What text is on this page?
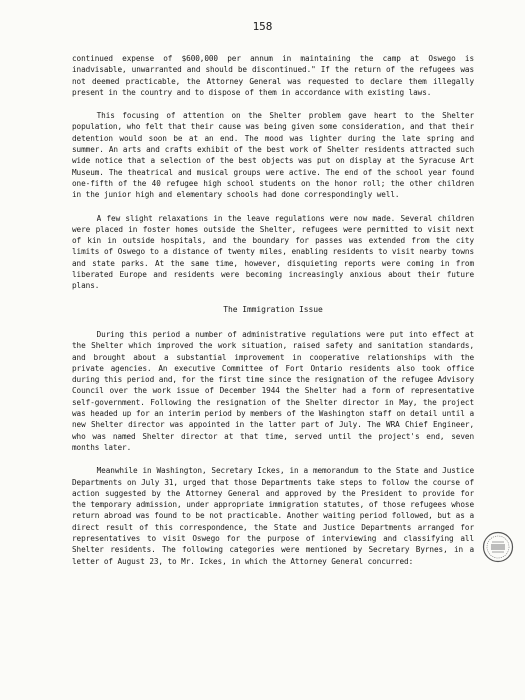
158

continued expense of $600,000 per annum in maintaining the camp at Oswego is inadvisable, unwarranted and should be discontinued." If the return of the refugees was not deemed practicable, the Attorney General was requested to declare them illegally present in the country and to dispose of them in accordance with existing laws.

This focusing of attention on the Shelter problem gave heart to the Shelter population, who felt that their cause was being given some consideration, and that their detention would soon be at an end. The mood was lighter during the late spring and summer. An arts and crafts exhibit of the best work of Shelter residents attracted such wide notice that a selection of the best objects was put on display at the Syracuse Art Museum. The theatrical and musical groups were active. The end of the school year found one-fifth of the 40 refugee high school students on the honor roll; the other children in the junior high and elementary schools had done correspondingly well.

A few slight relaxations in the leave regulations were now made. Several children were placed in foster homes outside the Shelter, refugees were permitted to visit next of kin in outside hospitals, and the boundary for passes was extended from the city limits of Oswego to a distance of twenty miles, enabling residents to visit nearby towns and state parks. At the same time, however, disquieting reports were coming in from liberated Europe and residents were becoming increasingly anxious about their future plans.

The Immigration Issue

During this period a number of administrative regulations were put into effect at the Shelter which improved the work situation, raised safety and sanitation standards, and brought about a substantial improvement in cooperative relationships with the private agencies. An executive Committee of Fort Ontario residents also took office during this period and, for the first time since the resignation of the refugee Advisory Council over the work issue of December 1944 the Shelter had a form of representative self-government. Following the resignation of the Shelter director in May, the project was headed up for an interim period by members of the Washington staff on detail until a new Shelter director was appointed in the latter part of July. The WRA Chief Engineer, who was named Shelter director at that time, served until the project's end, seven months later.

Meanwhile in Washington, Secretary Ickes, in a memorandum to the State and Justice Departments on July 31, urged that those Departments take steps to follow the course of action suggested by the Attorney General and approved by the President to provide for the temporary admission, under appropriate immigration statutes, of those refugees whose return abroad was found to be not practicable. Another waiting period followed, but as a direct result of this correspondence, the State and Justice Departments arranged for representatives to visit Oswego for the purpose of interviewing and classifying all Shelter residents. The following categories were mentioned by Secretary Byrnes, in a letter of August 23, to Mr. Ickes, in which the Attorney General concurred:
